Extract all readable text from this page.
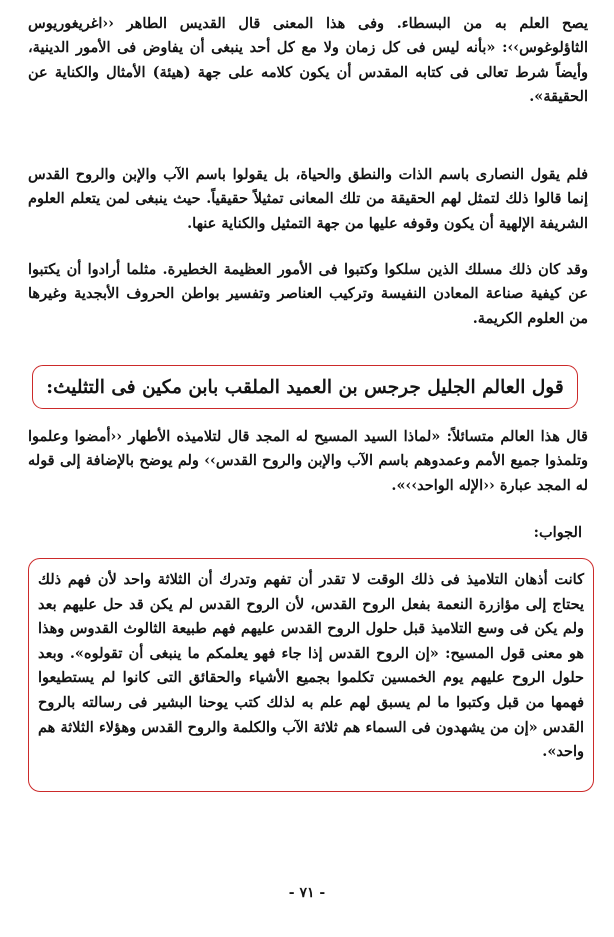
يصح العلم به من البسطاء. وفى هذا المعنى قال القديس الطاهر ‹‹اغريغوريوس الثاؤلوغوس››: «بأنه ليس فى كل زمان ولا مع كل أحد ينبغى أن يفاوض فى الأمور الدينية، وأيضاً شرط تعالى فى كتابه المقدس أن يكون كلامه على جهة (هيئة) الأمثال والكناية عن الحقيقة».

فلم يقول النصارى باسم الذات والنطق والحياة، بل يقولوا باسم الآب والإبن والروح القدس إنما قالوا ذلك لتمثل لهم الحقيقة من تلك المعانى تمثيلاً حقيقياً. حيث ينبغى لمن يتعلم العلوم الشريفة الإلهية أن يكون وقوفه عليها من جهة التمثيل والكناية عنها.

وقد كان ذلك مسلك الذين سلكوا وكتبوا فى الأمور العظيمة الخطيرة. مثلما أرادوا أن يكتبوا عن كيفية صناعة المعادن النفيسة وتركيب العناصر وتفسير بواطن الحروف الأبجدية وغيرها من العلوم الكريمة.

قول العالم الجليل جرجس بن العميد الملقب بابن مكين فى التثليث:

قال هذا العالم متسائلاً: «لماذا السيد المسيح له المجد قال لتلاميذه الأطهار ‹‹أمضوا وعلموا وتلمذوا جميع الأمم وعمدوهم باسم الآب والإبن والروح القدس›› ولم يوضح بالإضافة إلى قوله له المجد عبارة ‹‹الإله الواحد››».

الجواب:

كانت أذهان التلاميذ فى ذلك الوقت لا تقدر أن تفهم وتدرك أن الثلاثة واحد لأن فهم ذلك يحتاج إلى مؤازرة النعمة بفعل الروح القدس، لأن الروح القدس لم يكن قد حل عليهم بعد ولم يكن فى وسع التلاميذ قبل حلول الروح القدس عليهم فهم طبيعة الثالوث القدوس وهذا هو معنى قول المسيح: «إن الروح القدس إذا جاء فهو يعلمكم ما ينبغى أن تقولوه». وبعد حلول الروح عليهم يوم الخمسين تكلموا بجميع الأشياء والحقائق التى كانوا لم يستطيعوا فهمها من قبل وكتبوا ما لم يسبق لهم علم به لذلك كتب يوحنا البشير فى رسالته بالروح القدس «إن من يشهدون فى السماء هم ثلاثة الآب والكلمة والروح القدس وهؤلاء الثلاثة هم واحد».

- ٧١ -
